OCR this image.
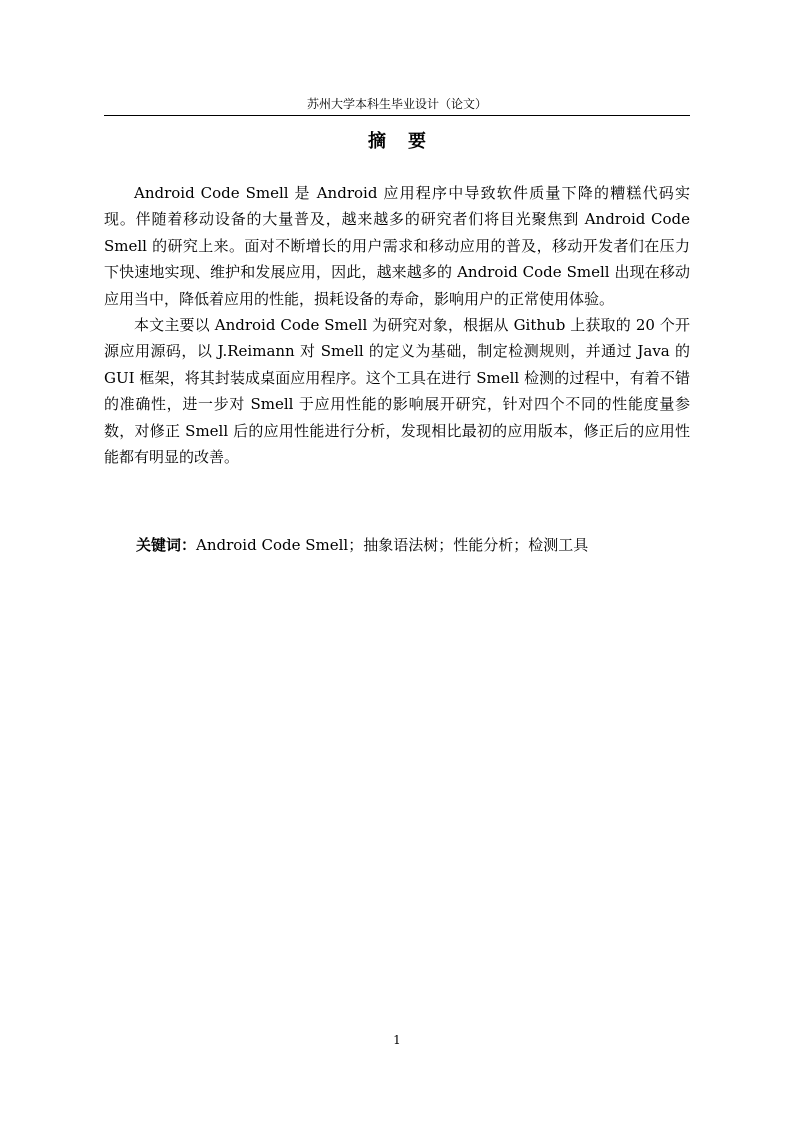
苏州大学本科生毕业设计（论文）
摘要

Android Code Smell 是 Android 应用程序中导致软件质量下降的糟糕代码实现。伴随着移动设备的大量普及，越来越多的研究者们将目光聚焦到 Android Code Smell 的研究上来。面对不断增长的用户需求和移动应用的普及，移动开发者们在压力下快速地实现、维护和发展应用，因此，越来越多的 Android Code Smell 出现在移动应用当中，降低着应用的性能，损耗设备的寿命，影响用户的正常使用体验。

本文主要以 Android Code Smell 为研究对象，根据从 Github 上获取的 20 个开源应用源码，以 J.Reimann 对 Smell 的定义为基础，制定检测规则，并通过 Java 的 GUI 框架，将其封装成桌面应用程序。这个工具在进行 Smell 检测的过程中，有着不错的准确性，进一步对 Smell 于应用性能的影响展开研究，针对四个不同的性能度量参数，对修正 Smell 后的应用性能进行分析，发现相比最初的应用版本，修正后的应用性能都有明显的改善。

关键词：Android Code Smell；抽象语法树；性能分析；检测工具
1
